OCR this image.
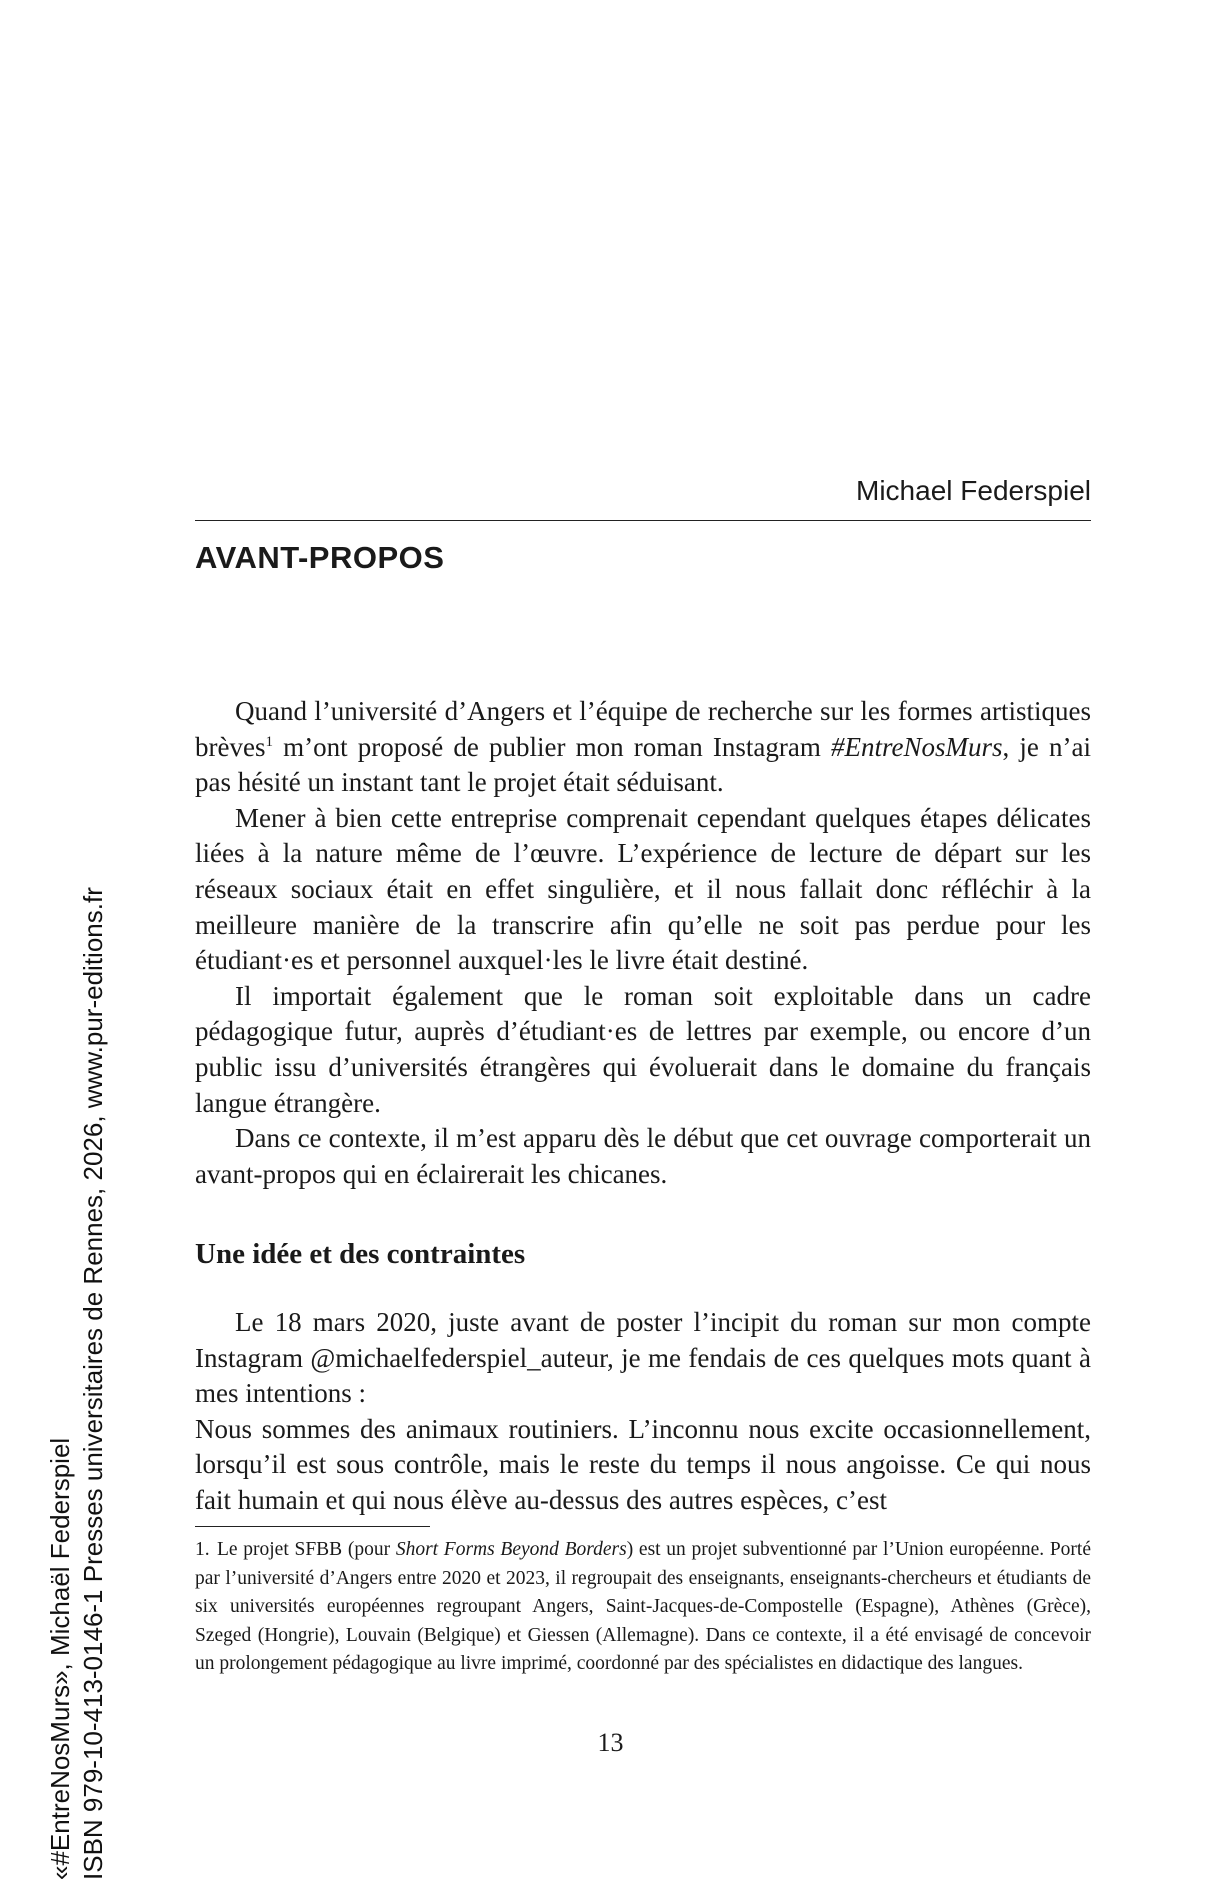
«#EntreNosMurs», Michaël Federspiel ISBN 979-10-413-0146-1 Presses universitaires de Rennes, 2026, www.pur-editions.fr
Michael Federspiel
AVANT-PROPOS

Quand l’université d’Angers et l’équipe de recherche sur les formes artistiques brèves$^1$ m’ont proposé de publier mon roman Instagram #EntreNosMurs, je n’ai pas hésité un instant tant le projet était séduisant.

Mener à bien cette entreprise comprenait cependant quelques étapes délicates liées à la nature même de l’œuvre. L’expérience de lecture de départ sur les réseaux sociaux était en effet singulière, et il nous fallait donc réfléchir à la meilleure manière de la transcrire afin qu’elle ne soit pas perdue pour les étudiant·es et personnel auxquel·les le livre était destiné.

Il importait également que le roman soit exploitable dans un cadre pédagogique futur, auprès d’étudiant·es de lettres par exemple, ou encore d’un public issu d’universités étrangères qui évoluerait dans le domaine du français langue étrangère.

Dans ce contexte, il m’est apparu dès le début que cet ouvrage comporterait un avant-propos qui en éclairerait les chicanes.

Une idée et des contraintes

Le 18 mars 2020, juste avant de poster l’incipit du roman sur mon compte Instagram @michaelfederspiel_auteur, je me fendais de ces quelques mots quant à mes intentions :

Nous sommes des animaux routiniers. L’inconnu nous excite occasionnellement, lorsqu’il est sous contrôle, mais le reste du temps il nous angoisse. Ce qui nous fait humain et qui nous élève au-dessus des autres espèces, c’est

1. Le projet SFBB (pour Short Forms Beyond Borders) est un projet subventionné par l’Union européenne. Porté par l’université d’Angers entre 2020 et 2023, il regroupait des enseignants, enseignants-chercheurs et étudiants de six universités européennes regroupant Angers, Saint-Jacques-de-Compostelle (Espagne), Athènes (Grèce), Szeged (Hongrie), Louvain (Belgique) et Giessen (Allemagne). Dans ce contexte, il a été envisagé de concevoir un prolongement pédagogique au livre imprimé, coordonné par des spécialistes en didactique des langues.
13
